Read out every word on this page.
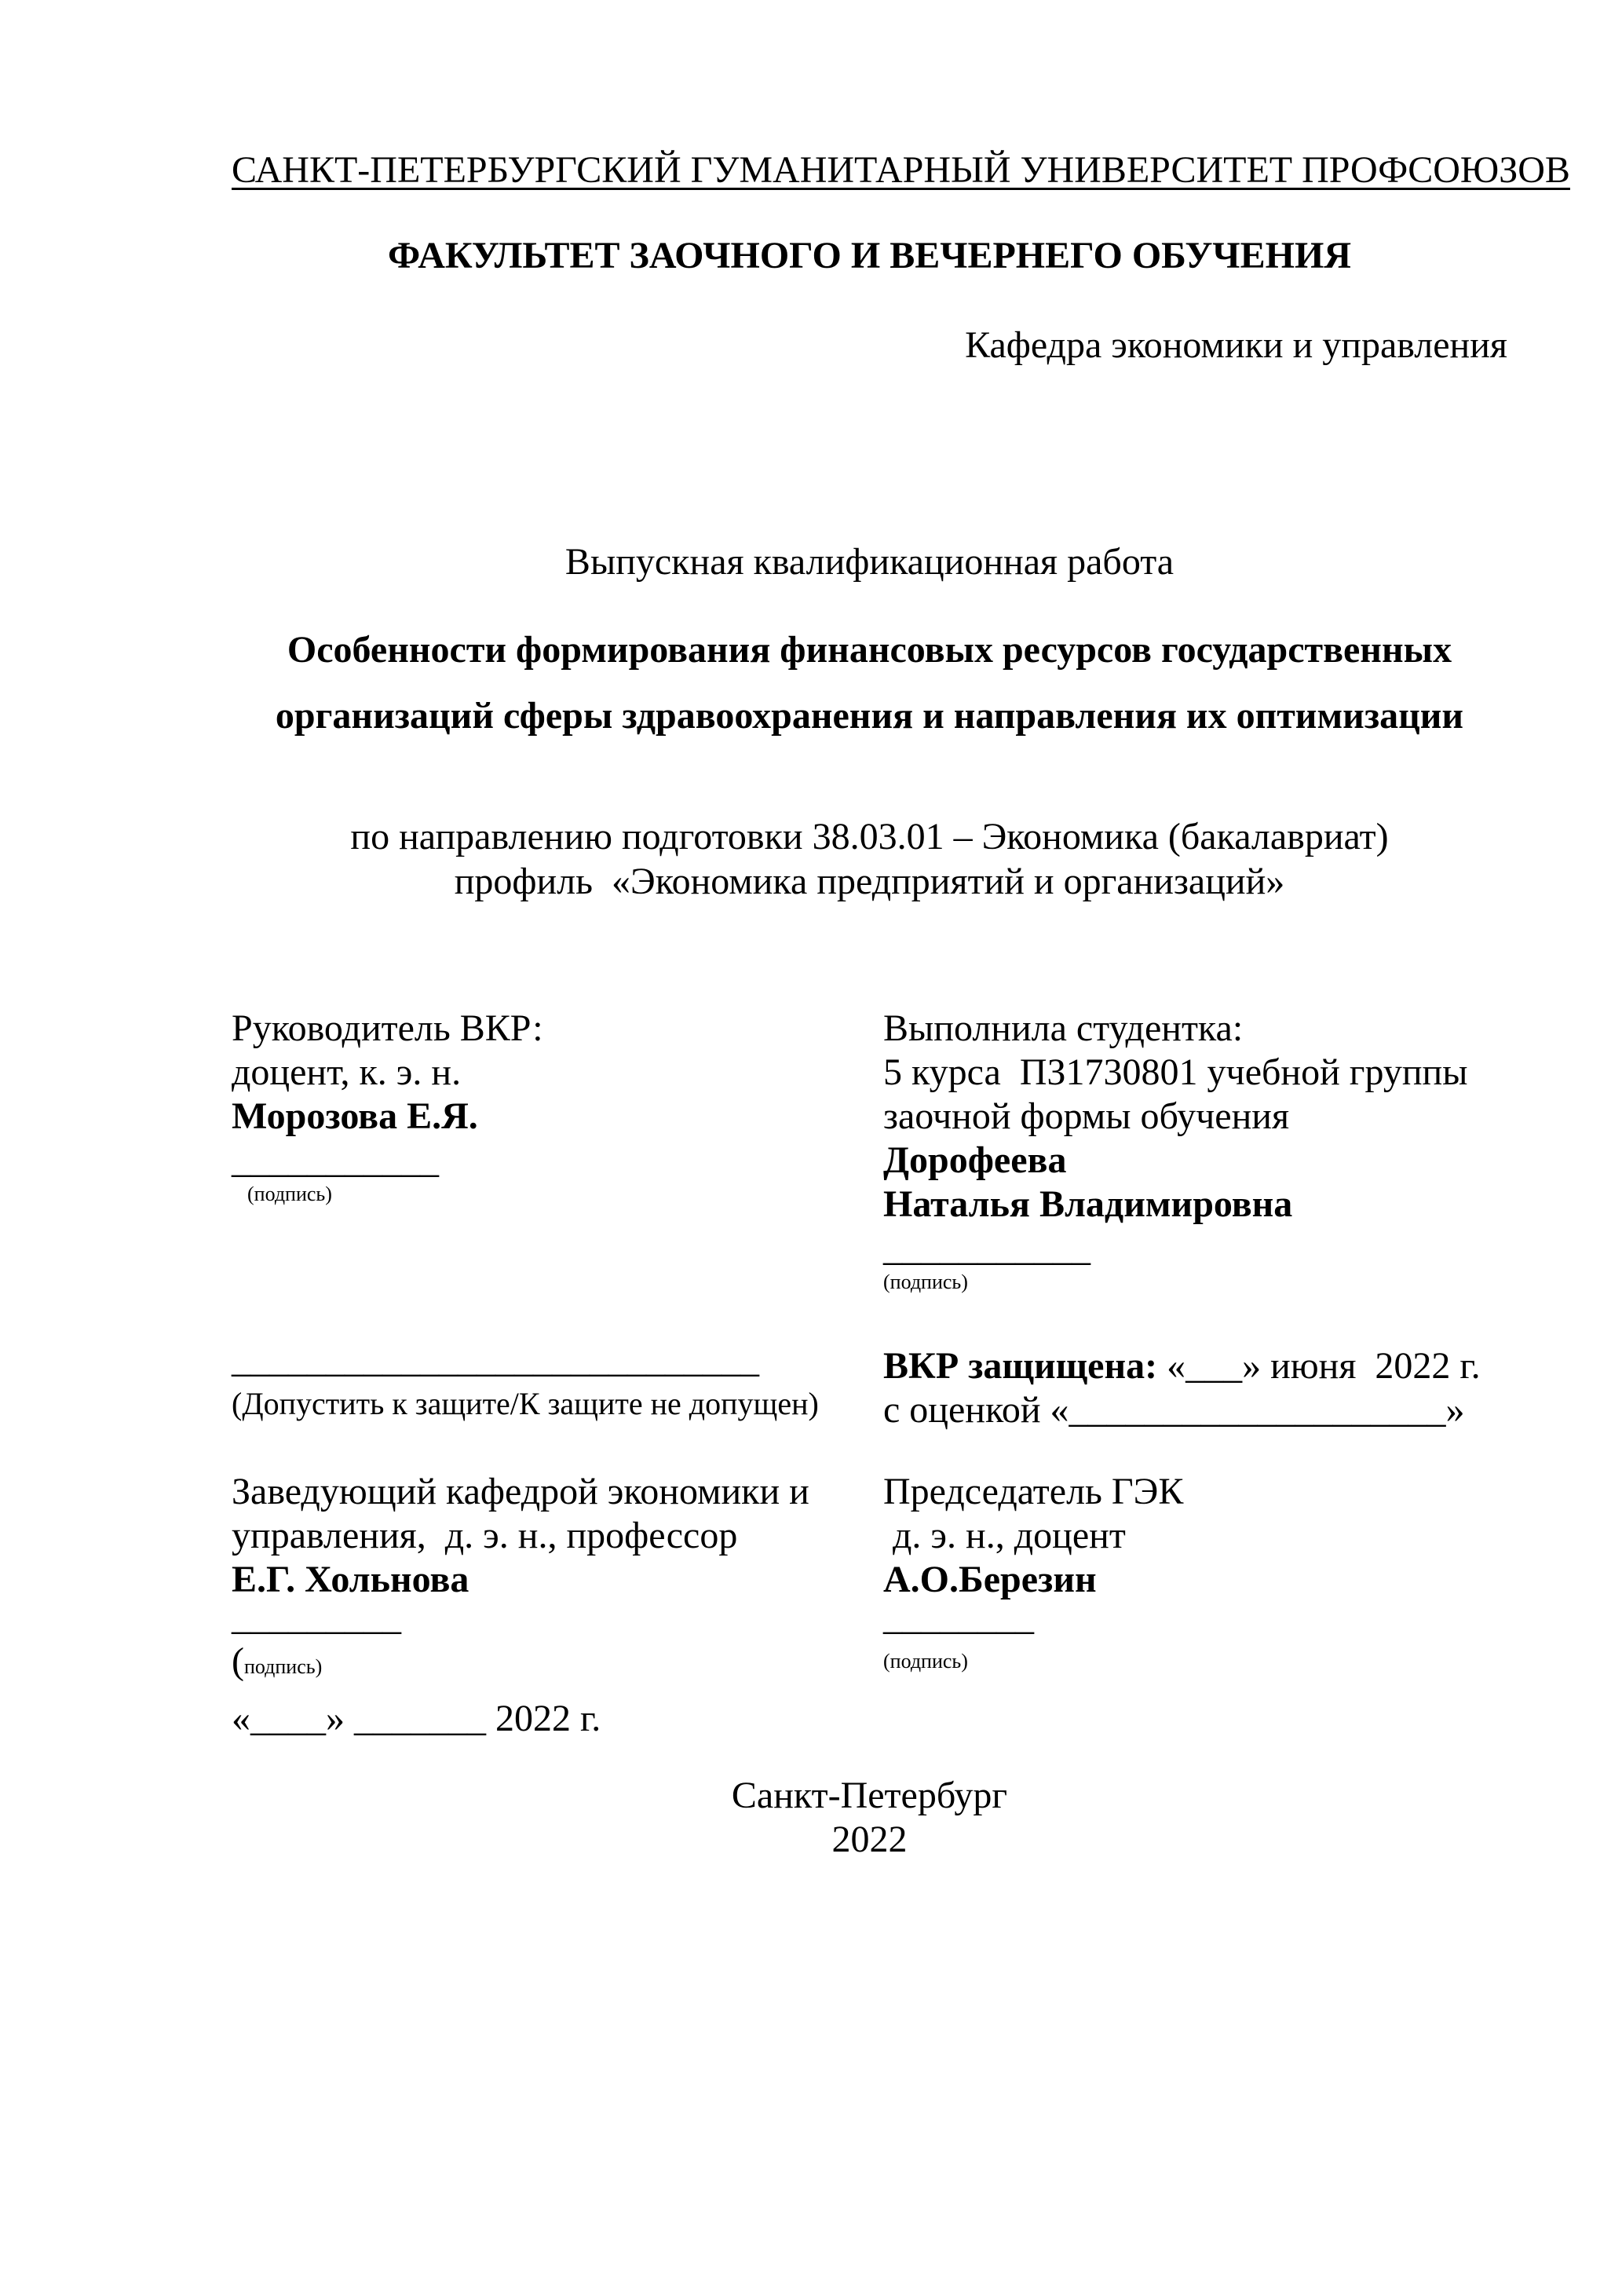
САНКТ-ПЕТЕРБУРГСКИЙ ГУМАНИТАРНЫЙ УНИВЕРСИТЕТ ПРОФСОЮЗОВ
ФАКУЛЬТЕТ ЗАОЧНОГО И ВЕЧЕРНЕГО ОБУЧЕНИЯ
Кафедра экономики и управления
Выпускная квалификационная работа
Особенности формирования финансовых ресурсов государственных
организаций сферы здравоохранения и направления их оптимизации
по направлению подготовки 38.03.01 – Экономика (бакалавриат)
профиль  «Экономика предприятий и организаций»
Руководитель ВКР:
доцент, к. э. н.
Морозова Е.Я.
___________
(подпись)
Выполнила студентка:
5 курса  ПЗ1730801 учебной группы
заочной формы обучения
Дорофеева
Наталья Владимировна
___________
(подпись)
____________________________
(Допустить к защите/К защите не допущен)
ВКР защищена: «___» июня  2022 г.
с оценкой «____________________»
Заведующий кафедрой экономики и
управления,  д. э. н., профессор
Е.Г. Хольнова
Председатель ГЭК
д. э. н., доцент
А.О.Березин
_________
(подпись)
«____» _______ 2022 г.
________
(подпись)
Санкт-Петербург
2022
